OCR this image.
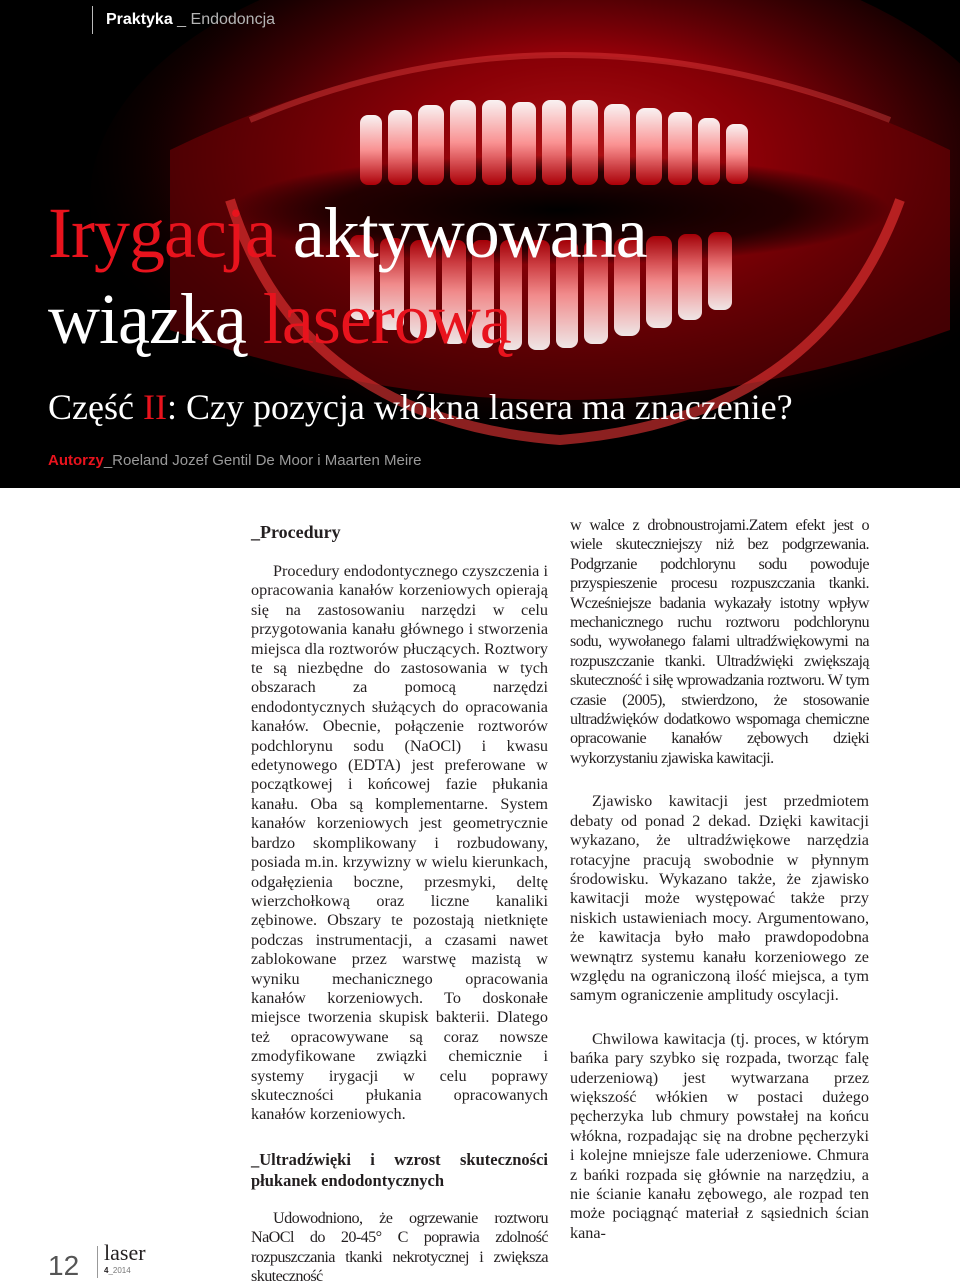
Praktyka _ Endodoncja
Irygacja aktywowana
wiązką laserową
Część II: Czy pozycja włókna lasera ma znaczenie?
Autorzy_Roeland Jozef Gentil De Moor i Maarten Meire
_Procedury

Procedury endodontycznego czyszczenia i opracowania kanałów korzeniowych opierają się na zastosowaniu narzędzi w celu przygotowania kanału głównego i stworzenia miejsca dla roztworów płuczących. Roztwory te są niezbędne do zastosowania w tych obszarach za pomocą narzędzi endodontycznych służących do opracowania kanałów. Obecnie, połączenie roztworów podchlorynu sodu (NaOCl) i kwasu edetynowego (EDTA) jest preferowane w początkowej i końcowej fazie płukania kanału. Oba są komplementarne. System kanałów korzeniowych jest geometrycznie bardzo skomplikowany i rozbudowany, posiada m.in. krzywizny w wielu kierunkach, odgałęzienia boczne, przesmyki, deltę wierzchołkową oraz liczne kanaliki zębinowe. Obszary te pozostają nietknięte podczas instrumentacji, a czasami nawet zablokowane przez warstwę mazistą w wyniku mechanicznego opracowania kanałów korzeniowych. To doskonałe miejsce tworzenia skupisk bakterii. Dlatego też opracowywane są coraz nowsze zmodyfikowane związki chemicznie i systemy irygacji w celu poprawy skuteczności płukania opracowanych kanałów korzeniowych.

_Ultradźwięki i wzrost skuteczności płukanek endodontycznych

Udowodniono, że ogrzewanie roztworu NaOCl do 20-45° C poprawia zdolność rozpuszczania tkanki nekrotycznej i zwiększa skuteczność

w walce z drobnoustrojami.Zatem efekt jest o wiele skuteczniejszy niż bez podgrzewania. Podgrzanie podchlorynu sodu powoduje przyspieszenie procesu rozpuszczania tkanki. Wcześniejsze badania wykazały istotny wpływ mechanicznego ruchu roztworu podchlorynu sodu, wywołanego falami ultradźwiękowymi na rozpuszczanie tkanki. Ultradźwięki zwiększają skuteczność i siłę wprowadzania roztworu. W tym czasie (2005), stwierdzono, że stosowanie ultradźwięków dodatkowo wspomaga chemiczne opracowanie kanałów zębowych dzięki wykorzystaniu zjawiska kawitacji.

Zjawisko kawitacji jest przedmiotem debaty od ponad 2 dekad. Dzięki kawitacji wykazano, że ultradźwiękowe narzędzia rotacyjne pracują swobodnie w płynnym środowisku. Wykazano także, że zjawisko kawitacji może występować także przy niskich ustawieniach mocy. Argumentowano, że kawitacja było mało prawdopodobna wewnątrz systemu kanału korzeniowego ze względu na ograniczoną ilość miejsca, a tym samym ograniczenie amplitudy oscylacji.

Chwilowa kawitacja (tj. proces, w którym bańka pary szybko się rozpada, tworząc falę uderzeniową) jest wytwarzana przez większość włókien w postaci dużego pęcherzyka lub chmury powstałej na końcu włókna, rozpadając się na drobne pęcherzyki i kolejne mniejsze fale uderzeniowe. Chmura z bańki rozpada się głównie na narzędziu, a nie ścianie kanału zębowego, ale rozpad ten może pociągnąć materiał z sąsiednich ścian kana-

12 laser
4_2014
